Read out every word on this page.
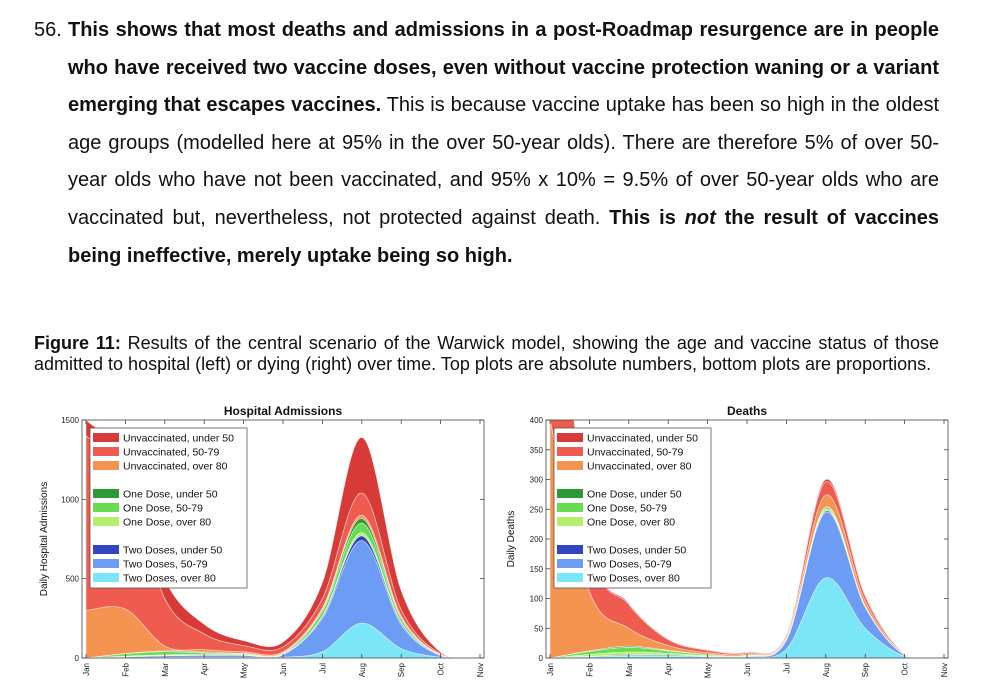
56. This shows that most deaths and admissions in a post-Roadmap resurgence are in people who have received two vaccine doses, even without vaccine protection waning or a variant emerging that escapes vaccines. This is because vaccine uptake has been so high in the oldest age groups (modelled here at 95% in the over 50-year olds). There are therefore 5% of over 50-year olds who have not been vaccinated, and 95% x 10% = 9.5% of over 50-year olds who are vaccinated but, nevertheless, not protected against death. This is not the result of vaccines being ineffective, merely uptake being so high.
Figure 11: Results of the central scenario of the Warwick model, showing the age and vaccine status of those admitted to hospital (left) or dying (right) over time. Top plots are absolute numbers, bottom plots are proportions.
0
500
1000
1500
Jan	Feb	Mar	Apr	May	Jun	Jul	Aug	Sep	Oct	Nov
Hospital Admissions
Daily Hospital Admissions
Unvaccinated, under 50
Unvaccinated, 50-79
Unvaccinated, over 80
One Dose, under 50
One Dose, 50-79
One Dose, over 80
Two Doses, under 50
Two Doses, 50-79
Two Doses, over 80
0
50
100
150
200
250
300
350
400
Jan	Feb	Mar	Apr	May	Jun	Jul	Aug	Sep	Oct	Nov
Deaths
Daily Deaths
Unvaccinated, under 50
Unvaccinated, 50-79
Unvaccinated, over 80
One Dose, under 50
One Dose, 50-79
One Dose, over 80
Two Doses, under 50
Two Doses, 50-79
Two Doses, over 80
